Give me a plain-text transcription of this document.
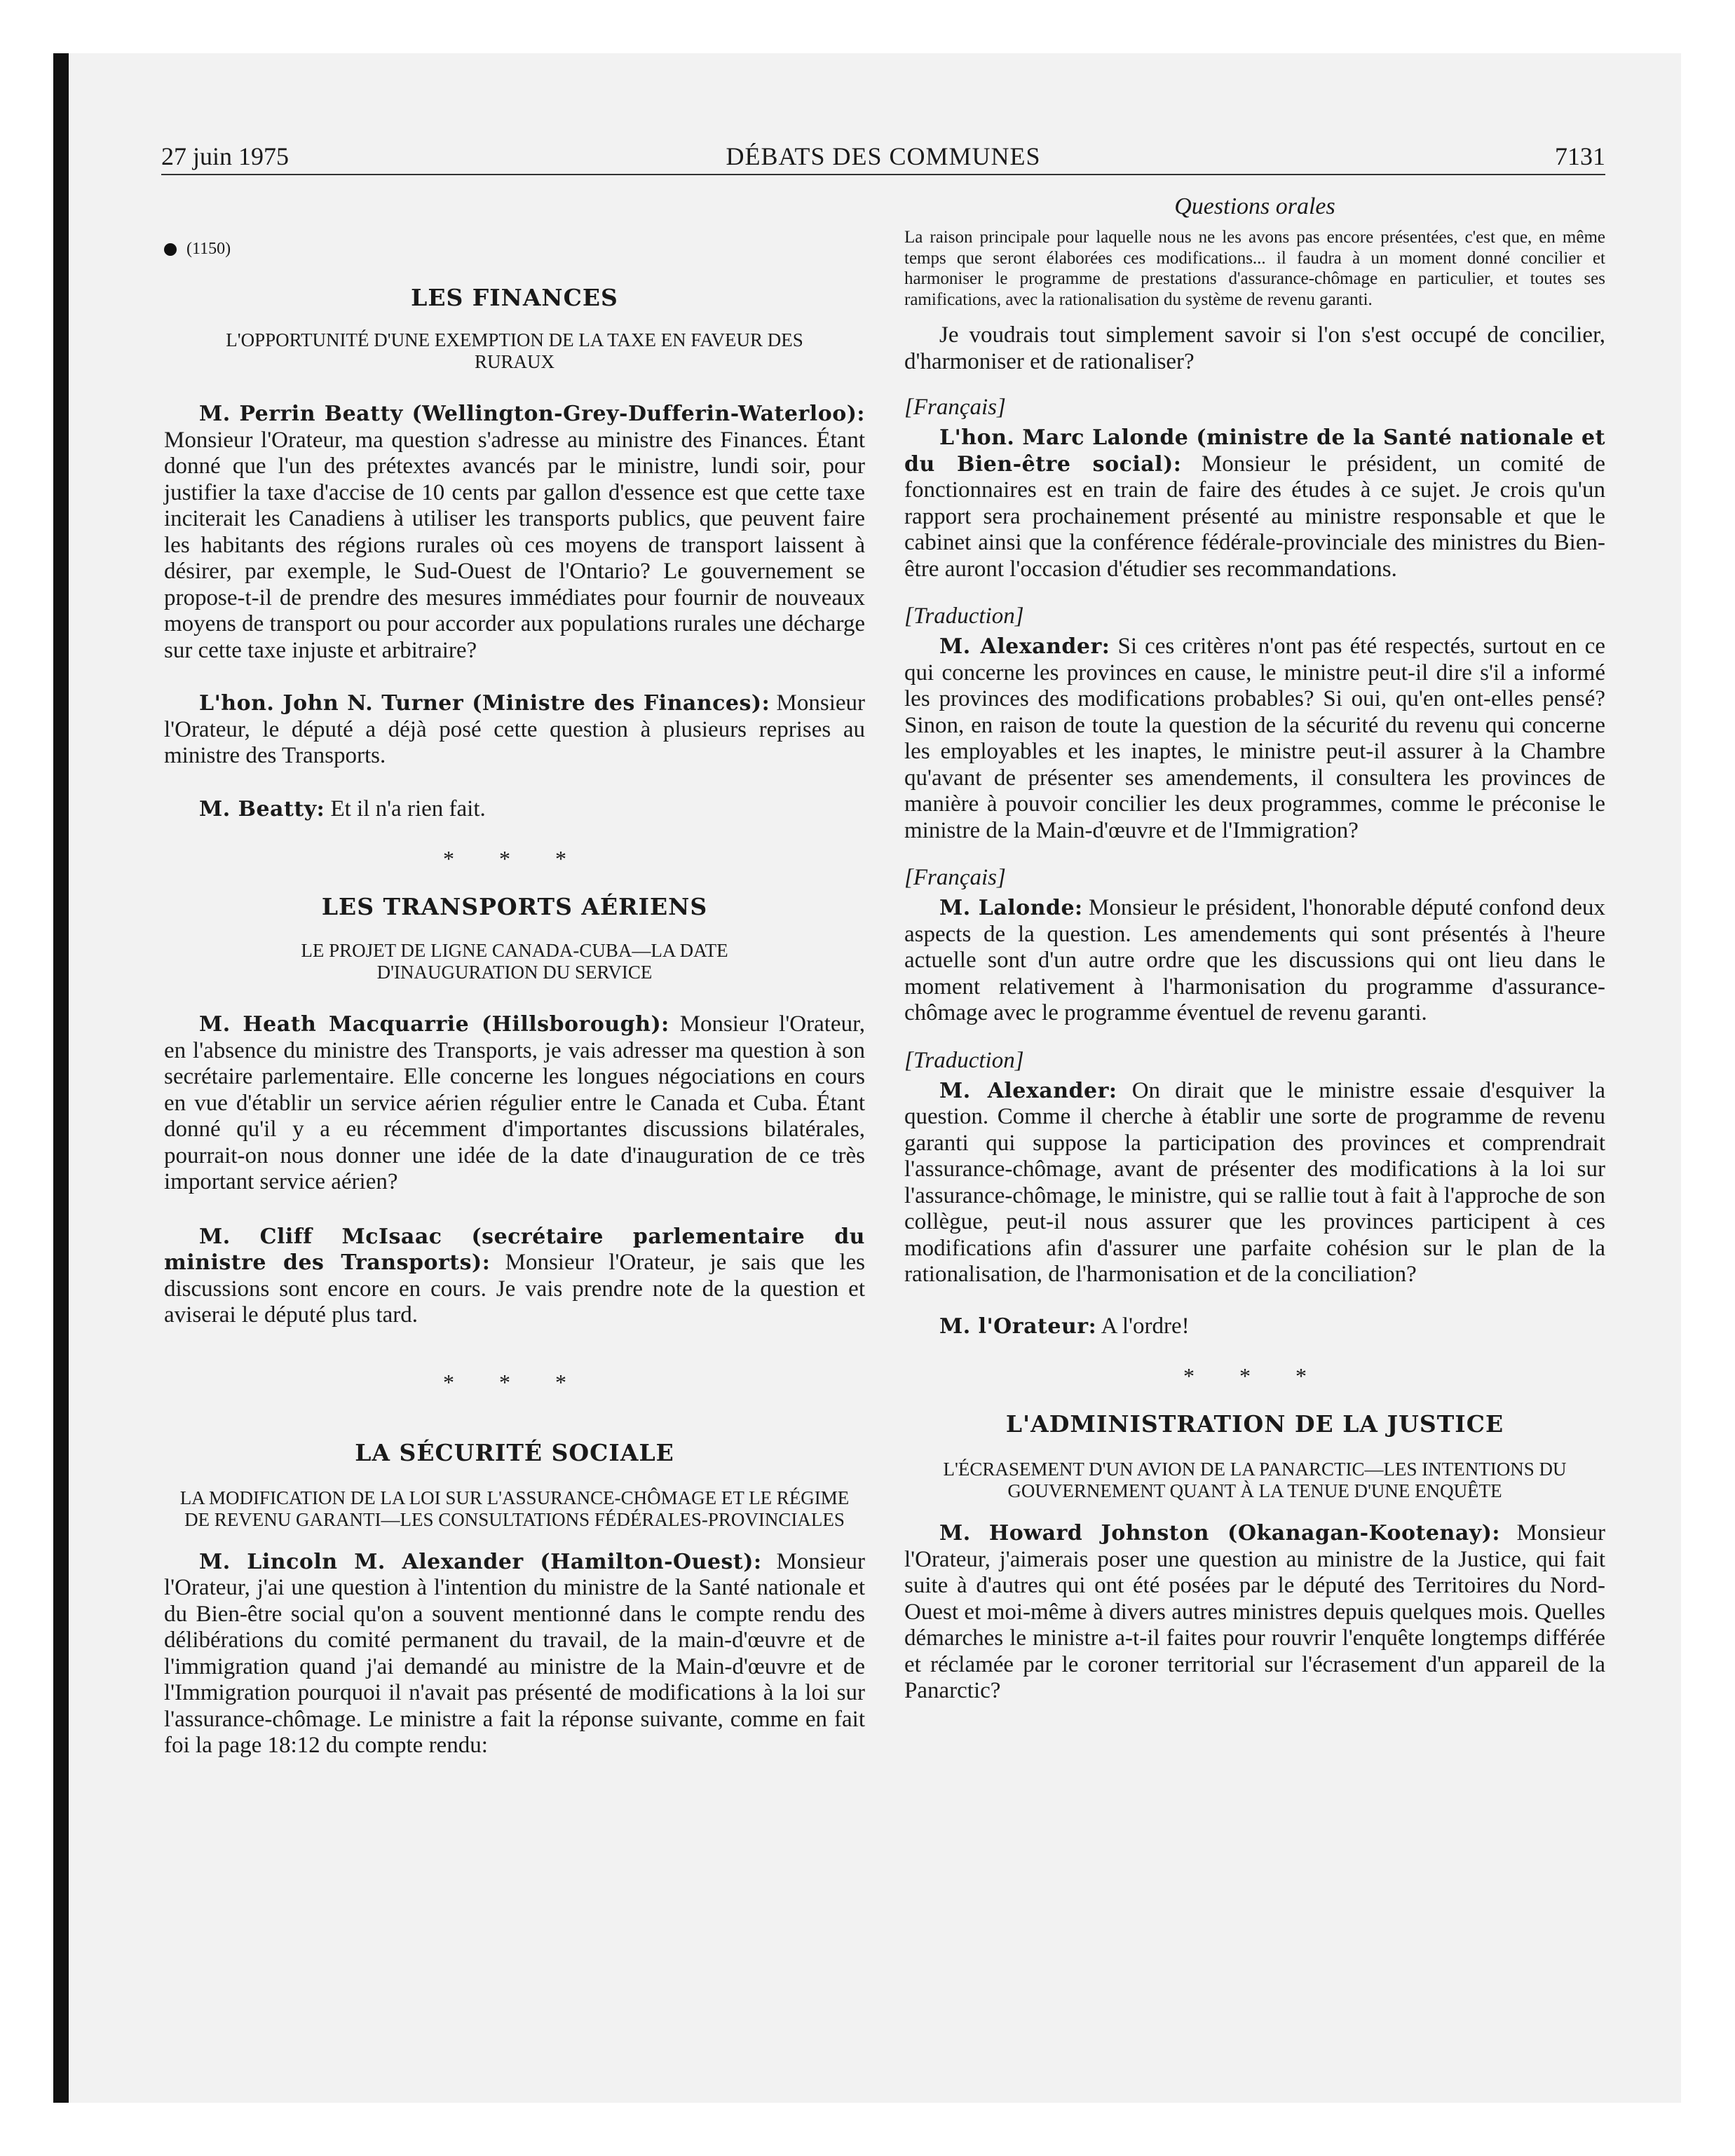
27 juin 1975	DÉBATS DES COMMUNES	7131
(1150)
LES FINANCES
L'OPPORTUNITÉ D'UNE EXEMPTION DE LA TAXE EN FAVEUR DES RURAUX

M. Perrin Beatty (Wellington-Grey-Dufferin-Waterloo): Monsieur l'Orateur, ma question s'adresse au ministre des Finances. Étant donné que l'un des prétextes avancés par le ministre, lundi soir, pour justifier la taxe d'accise de 10 cents par gallon d'essence est que cette taxe inciterait les Canadiens à utiliser les transports publics, que peuvent faire les habitants des régions rurales où ces moyens de transport laissent à désirer, par exemple, le Sud-Ouest de l'Ontario? Le gouvernement se propose-t-il de prendre des mesures immédiates pour fournir de nouveaux moyens de transport ou pour accorder aux populations rurales une décharge sur cette taxe injuste et arbitraire?

L'hon. John N. Turner (Ministre des Finances): Monsieur l'Orateur, le député a déjà posé cette question à plusieurs reprises au ministre des Transports.

M. Beatty: Et il n'a rien fait.

* * *
LES TRANSPORTS AÉRIENS
LE PROJET DE LIGNE CANADA-CUBA—LA DATE D'INAUGURATION DU SERVICE

M. Heath Macquarrie (Hillsborough): Monsieur l'Orateur, en l'absence du ministre des Transports, je vais adresser ma question à son secrétaire parlementaire. Elle concerne les longues négociations en cours en vue d'établir un service aérien régulier entre le Canada et Cuba. Étant donné qu'il y a eu récemment d'importantes discussions bilatérales, pourrait-on nous donner une idée de la date d'inauguration de ce très important service aérien?

M. Cliff McIsaac (secrétaire parlementaire du ministre des Transports): Monsieur l'Orateur, je sais que les discussions sont encore en cours. Je vais prendre note de la question et aviserai le député plus tard.

* * *
LA SÉCURITÉ SOCIALE
LA MODIFICATION DE LA LOI SUR L'ASSURANCE-CHÔMAGE ET LE RÉGIME DE REVENU GARANTI—LES CONSULTATIONS FÉDÉRALES-PROVINCIALES

M. Lincoln M. Alexander (Hamilton-Ouest): Monsieur l'Orateur, j'ai une question à l'intention du ministre de la Santé nationale et du Bien-être social qu'on a souvent mentionné dans le compte rendu des délibérations du comité permanent du travail, de la main-d'œuvre et de l'immigration quand j'ai demandé au ministre de la Main-d'œuvre et de l'Immigration pourquoi il n'avait pas présenté de modifications à la loi sur l'assurance-chômage. Le ministre a fait la réponse suivante, comme en fait foi la page 18:12 du compte rendu:

Questions orales

La raison principale pour laquelle nous ne les avons pas encore présentées, c'est que, en même temps que seront élaborées ces modifications... il faudra à un moment donné concilier et harmoniser le programme de prestations d'assurance-chômage en particulier, et toutes ses ramifications, avec la rationalisation du système de revenu garanti.

Je voudrais tout simplement savoir si l'on s'est occupé de concilier, d'harmoniser et de rationaliser?

[Français]

L'hon. Marc Lalonde (ministre de la Santé nationale et du Bien-être social): Monsieur le président, un comité de fonctionnaires est en train de faire des études à ce sujet. Je crois qu'un rapport sera prochainement présenté au ministre responsable et que le cabinet ainsi que la conférence fédérale-provinciale des ministres du Bien-être auront l'occasion d'étudier ses recommandations.

[Traduction]

M. Alexander: Si ces critères n'ont pas été respectés, surtout en ce qui concerne les provinces en cause, le ministre peut-il dire s'il a informé les provinces des modifications probables? Si oui, qu'en ont-elles pensé? Sinon, en raison de toute la question de la sécurité du revenu qui concerne les employables et les inaptes, le ministre peut-il assurer à la Chambre qu'avant de présenter ses amendements, il consultera les provinces de manière à pouvoir concilier les deux programmes, comme le préconise le ministre de la Main-d'œuvre et de l'Immigration?

[Français]

M. Lalonde: Monsieur le président, l'honorable député confond deux aspects de la question. Les amendements qui sont présentés à l'heure actuelle sont d'un autre ordre que les discussions qui ont lieu dans le moment relativement à l'harmonisation du programme d'assurance-chômage avec le programme éventuel de revenu garanti.

[Traduction]

M. Alexander: On dirait que le ministre essaie d'esquiver la question. Comme il cherche à établir une sorte de programme de revenu garanti qui suppose la participation des provinces et comprendrait l'assurance-chômage, avant de présenter des modifications à la loi sur l'assurance-chômage, le ministre, qui se rallie tout à fait à l'approche de son collègue, peut-il nous assurer que les provinces participent à ces modifications afin d'assurer une parfaite cohésion sur le plan de la rationalisation, de l'harmonisation et de la conciliation?

M. l'Orateur: A l'ordre!

* * *
L'ADMINISTRATION DE LA JUSTICE
L'ÉCRASEMENT D'UN AVION DE LA PANARCTIC—LES INTENTIONS DU GOUVERNEMENT QUANT À LA TENUE D'UNE ENQUÊTE

M. Howard Johnston (Okanagan-Kootenay): Monsieur l'Orateur, j'aimerais poser une question au ministre de la Justice, qui fait suite à d'autres qui ont été posées par le député des Territoires du Nord-Ouest et moi-même à divers autres ministres depuis quelques mois. Quelles démarches le ministre a-t-il faites pour rouvrir l'enquête longtemps différée et réclamée par le coroner territorial sur l'écrasement d'un appareil de la Panarctic?
